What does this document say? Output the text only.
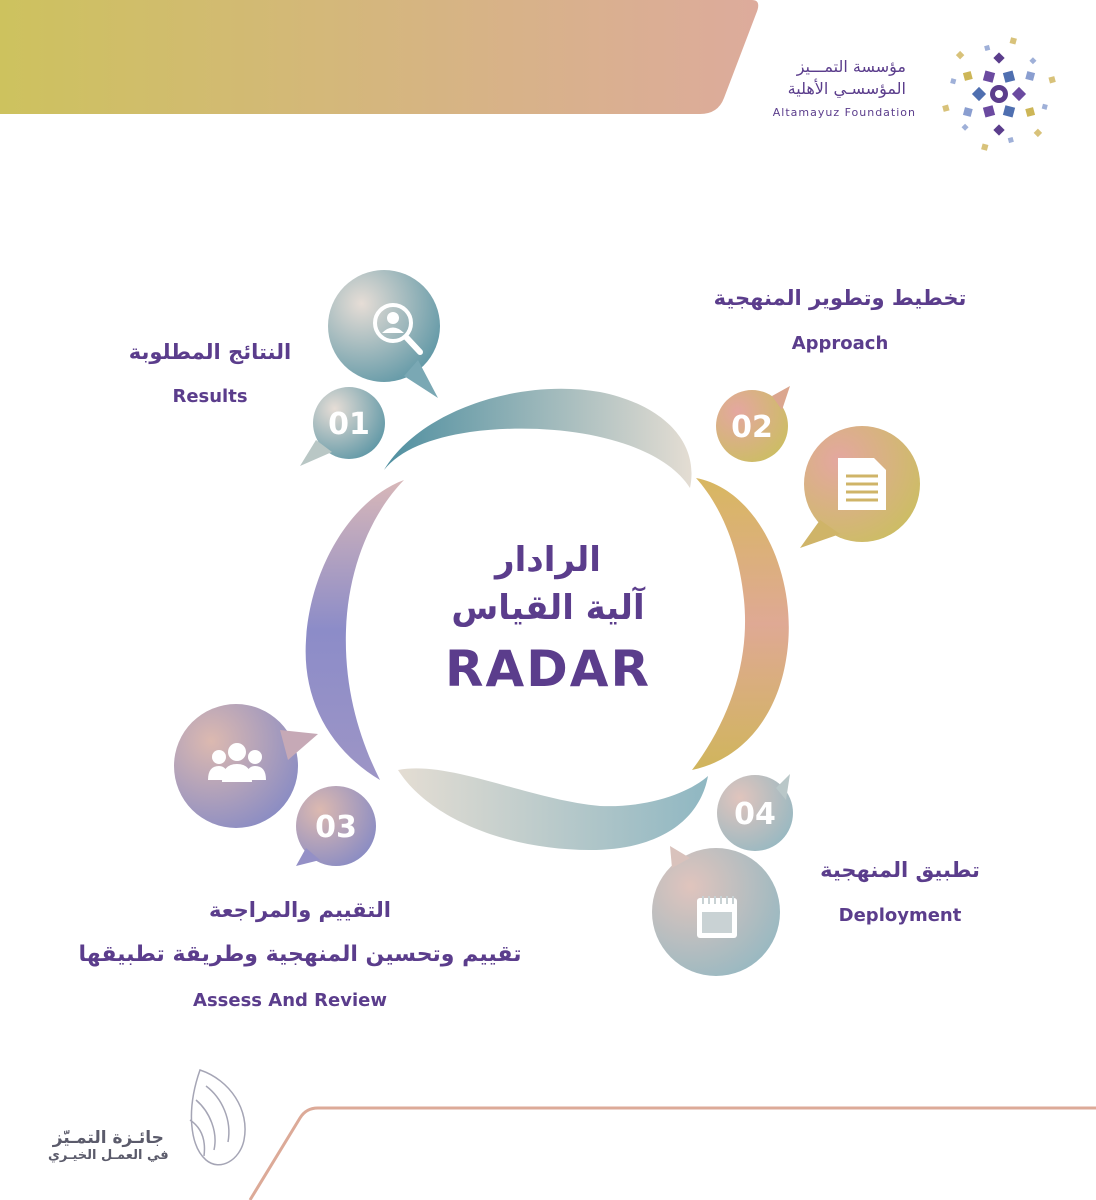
مؤسسة التمـــيز
المؤسسـي الأهلية
Altamayuz Foundation
01	02
03	04
الرادار
آلية القياس
RADAR
النتائج المطلوبة
Results
تخطيط وتطوير المنهجية
Approach
التقييم والمراجعة
تقييم وتحسين المنهجية وطريقة تطبيقها
Assess And Review
تطبيق المنهجية
Deployment
جائـزة التمـيّز
في العمـل الخيـري
